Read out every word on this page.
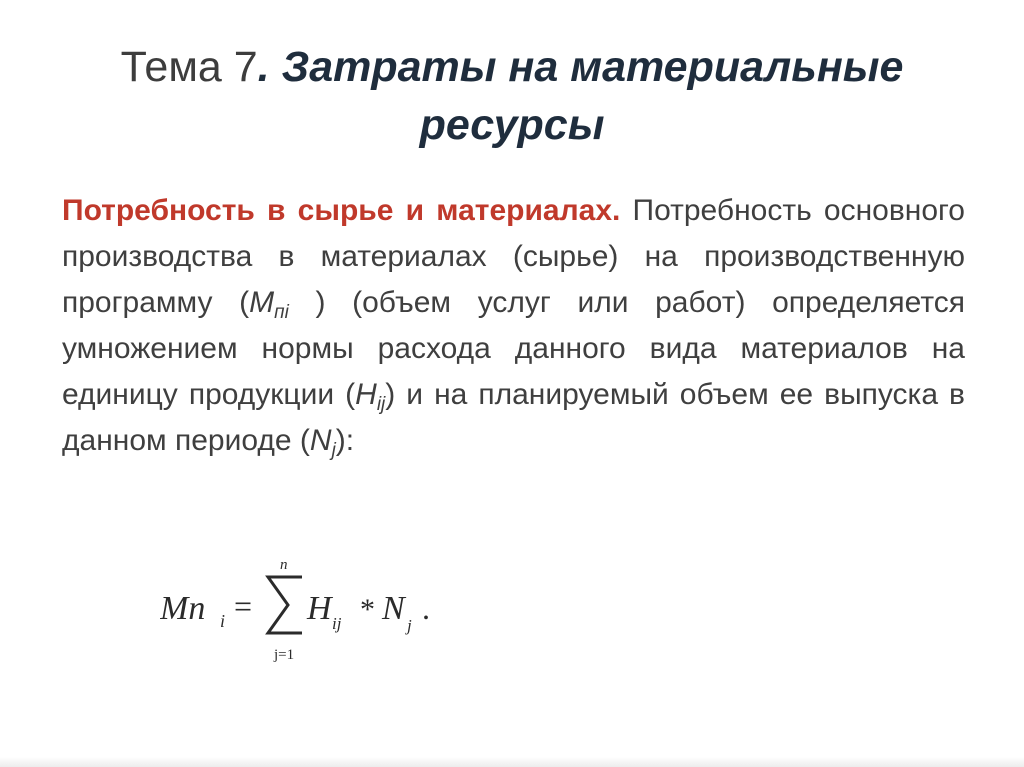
Тема 7. Затраты на материальные ресурсы

Потребность в сырье и материалах. Потребность основного производства в материалах (сырье) на производственную программу ($М_{пi}$ ) (объем услуг или работ) определяется умножением нормы расхода данного вида материалов на единицу продукции $(Н_{ij})$ и на планируемый объем ее выпуска в данном периоде $(N_j)$:

Mn i
n
H ij N j
=
j=1
* .
